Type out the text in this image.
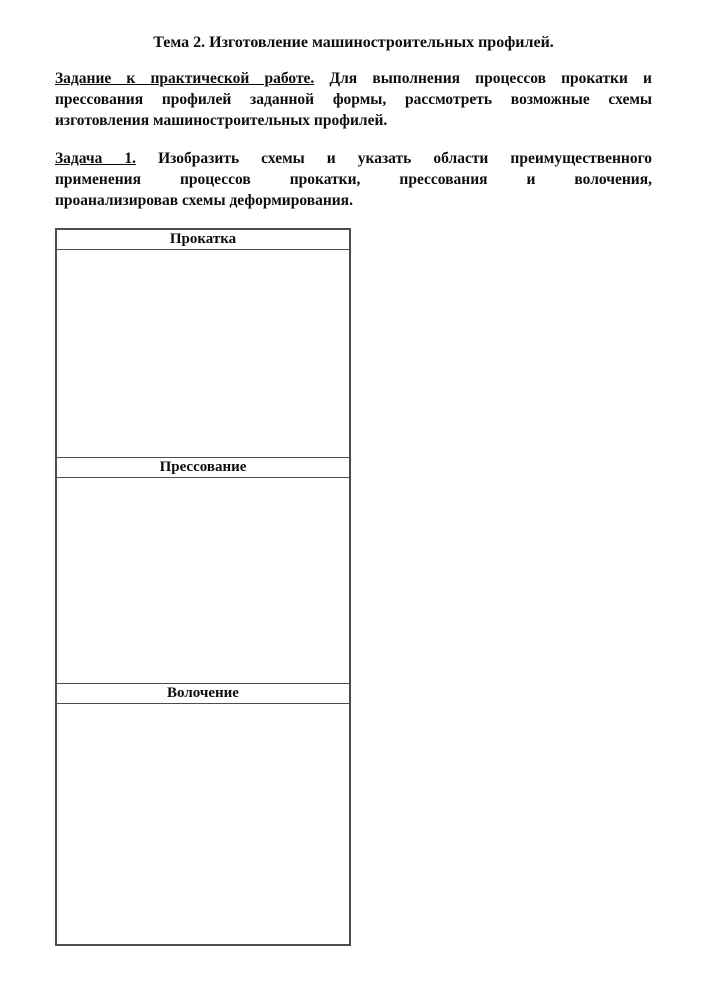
Тема 2. Изготовление машиностроительных профилей.
Задание к практической работе. Для выполнения процессов прокатки и
прессования профилей заданной формы, рассмотреть возможные схемы
изготовления машиностроительных профилей.
Задача 1. Изобразить схемы и указать области преимущественного
применения процессов прокатки, прессования и волочения,
проанализировав схемы деформирования.
Прокатка

Прессование

Волочение
